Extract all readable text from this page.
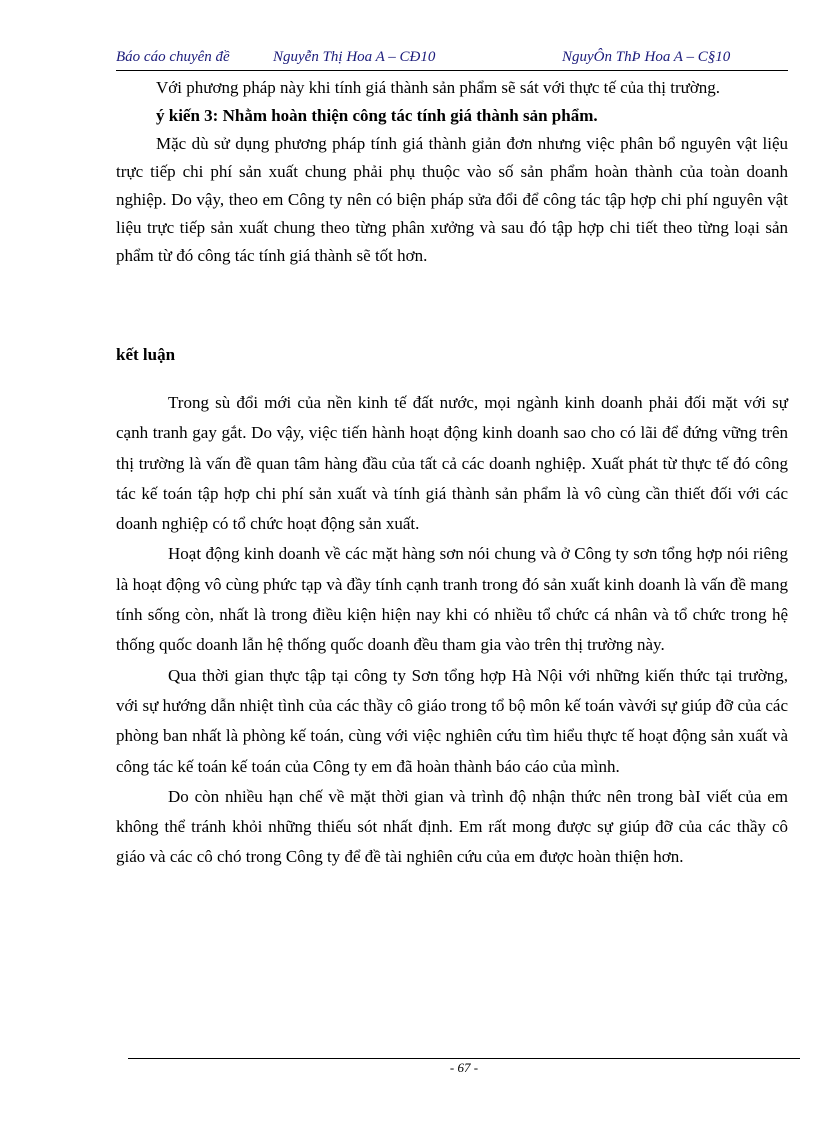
Báo cáo chuyên đề	Nguyễn Thị Hoa A – CĐ10	NguyÔn ThÞ Hoa A – C§10

Với phương pháp này khi tính giá thành sản phẩm sẽ sát với thực tế của thị trường.

ý kiến 3: Nhằm hoàn thiện công tác tính giá thành sản phẩm.

Mặc dù sử dụng phương pháp tính giá thành giản đơn nhưng việc phân bổ nguyên vật liệu trực tiếp chi phí sản xuất chung phải phụ thuộc vào số sản phẩm hoàn thành của toàn doanh nghiệp. Do vậy, theo em Công ty nên có biện pháp sửa đổi để công tác tập hợp chi phí nguyên vật liệu trực tiếp sản xuất chung theo từng phân xưởng và sau đó tập hợp chi tiết theo từng loại sản phẩm từ đó công tác tính giá thành sẽ tốt hơn.

kết luận

Trong sù đổi mới của nền kinh tế đất nước, mọi ngành kinh doanh phải đối mặt với sự cạnh tranh gay gắt. Do vậy, việc tiến hành hoạt động kinh doanh sao cho có lãi để đứng vững trên thị trường là vấn đề quan tâm hàng đầu của tất cả các doanh nghiệp. Xuất phát từ thực tế đó công tác kế toán tập hợp chi phí sản xuất và tính giá thành sản phẩm là vô cùng cần thiết đối với các doanh nghiệp có tổ chức hoạt động sản xuất.

Hoạt động kinh doanh về các mặt hàng sơn nói chung và ở Công ty sơn tổng hợp nói riêng là hoạt động vô cùng phức tạp và đầy tính cạnh tranh trong đó sản xuất kinh doanh là vấn đề mang tính sống còn, nhất là trong điều kiện hiện nay khi có nhiều tổ chức cá nhân và tổ chức trong hệ thống quốc doanh lẫn hệ thống quốc doanh đều tham gia vào trên thị trường này.

Qua thời gian thực tập tại công ty Sơn tổng hợp Hà Nội với những kiến thức tại trường, với sự hướng dẫn nhiệt tình của các thầy cô giáo trong tổ bộ môn kế toán vàvới sự giúp đỡ của các phòng ban nhất là phòng kế toán, cùng với việc nghiên cứu tìm hiểu thực tế hoạt động sản xuất và công tác kế toán kế toán của Công ty em đã hoàn thành báo cáo của mình.

Do còn nhiều hạn chế về mặt thời gian và trình độ nhận thức nên trong bàI viết của em không thể tránh khỏi những thiếu sót nhất định. Em rất mong được sự giúp đỡ của các thầy cô giáo và các cô chó trong Công ty để đề tài nghiên cứu của em được hoàn thiện hơn.

- 67 -
